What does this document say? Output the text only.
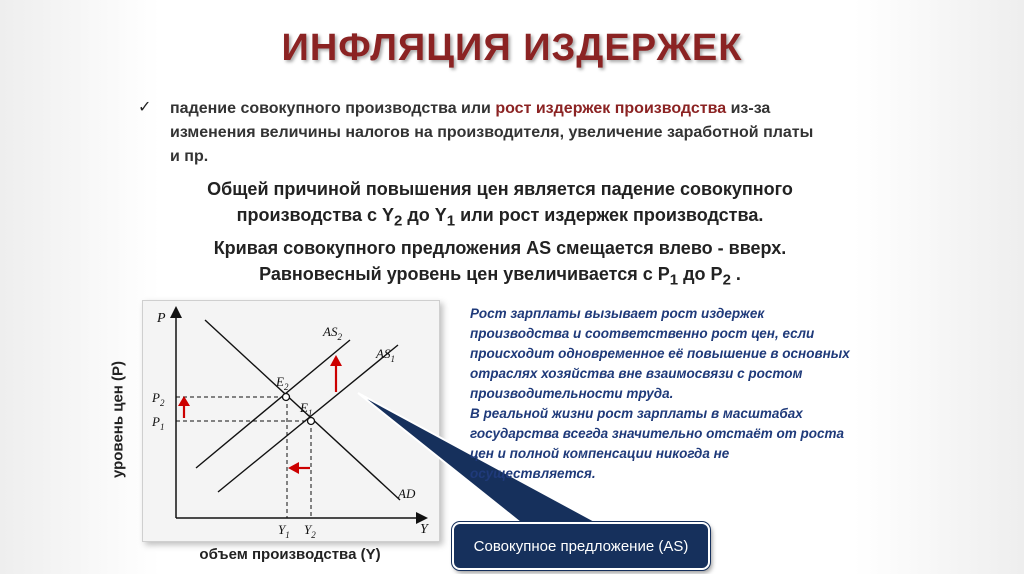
ИНФЛЯЦИЯ ИЗДЕРЖЕК
✓ падение совокупного производства или рост издержек производства из-за изменения величины налогов на производителя, увеличение заработной платы и пр.
Общей причиной повышения цен является падение совокупного
производства с $Y_2$ до $Y_1$ или рост издержек производства.
Кривая совокупного предложения AS смещается влево - вверх.
Равновесный уровень цен увеличивается с $P_1$ до $P_2$ .
уровень цен (P)
объем производства (Y)
P
Y
$P_2$
$P_1$
$Y_1$ $Y_2$
$E_2$
$E_1$
$AS_2$
$AS_1$
AD

Рост зарплаты вызывает рост издержек производства и соответственно рост цен, если происходит одновременное её повышение в основных отраслях хозяйства вне взаимосвязи с ростом производительности труда.

В реальной жизни рост зарплаты в масштабах государства всегда значительно отстаёт от роста цен и полной компенсации никогда не осуществляется.

Совокупное предложение (AS)
